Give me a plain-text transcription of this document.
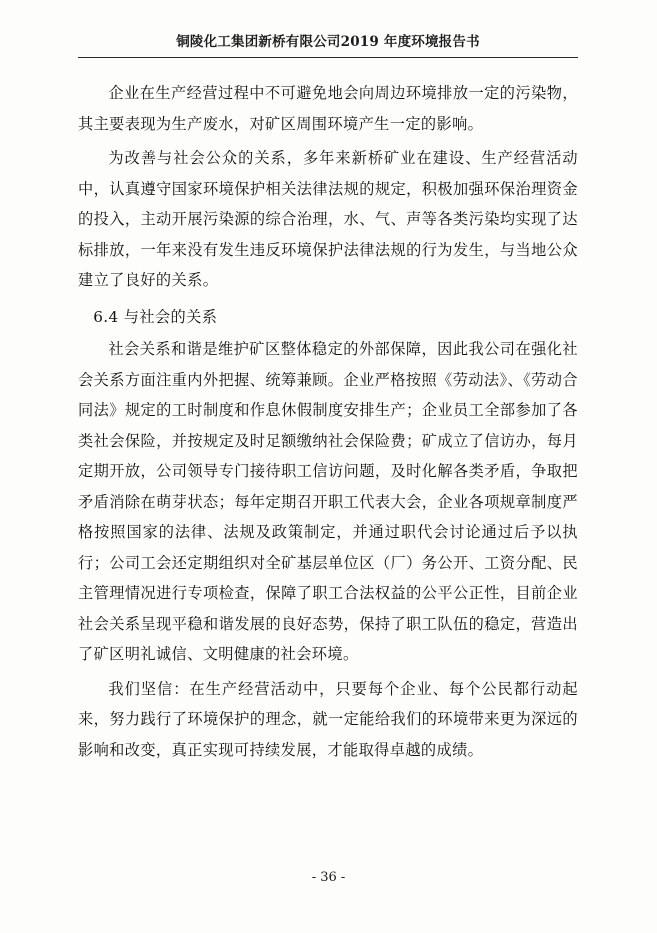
铜陵化工集团新桥有限公司2019 年度环境报告书

企业在生产经营过程中不可避免地会向周边环境排放一定的污染物，其主要表现为生产废水，对矿区周围环境产生一定的影响。

为改善与社会公众的关系，多年来新桥矿业在建设、生产经营活动中，认真遵守国家环境保护相关法律法规的规定，积极加强环保治理资金的投入，主动开展污染源的综合治理，水、气、声等各类污染均实现了达标排放，一年来没有发生违反环境保护法律法规的行为发生，与当地公众建立了良好的关系。

6.4 与社会的关系

社会关系和谐是维护矿区整体稳定的外部保障，因此我公司在强化社会关系方面注重内外把握、统筹兼顾。企业严格按照《劳动法》、《劳动合同法》规定的工时制度和作息休假制度安排生产；企业员工全部参加了各类社会保险，并按规定及时足额缴纳社会保险费；矿成立了信访办，每月定期开放，公司领导专门接待职工信访问题，及时化解各类矛盾，争取把矛盾消除在萌芽状态；每年定期召开职工代表大会，企业各项规章制度严格按照国家的法律、法规及政策制定，并通过职代会讨论通过后予以执行；公司工会还定期组织对全矿基层单位区（厂）务公开、工资分配、民主管理情况进行专项检查，保障了职工合法权益的公平公正性，目前企业社会关系呈现平稳和谐发展的良好态势，保持了职工队伍的稳定，营造出了矿区明礼诚信、文明健康的社会环境。

我们坚信：在生产经营活动中，只要每个企业、每个公民都行动起来，努力践行了环境保护的理念，就一定能给我们的环境带来更为深远的影响和改变，真正实现可持续发展，才能取得卓越的成绩。

- 36 -
